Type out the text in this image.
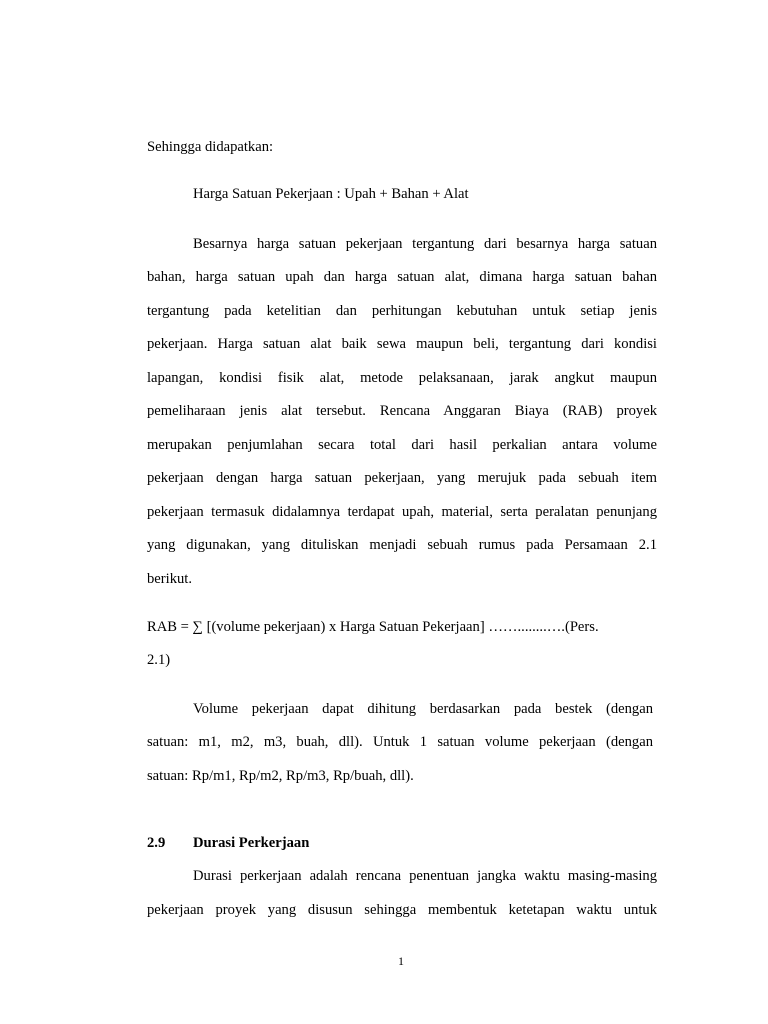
Sehingga didapatkan:
Harga Satuan Pekerjaan : Upah + Bahan + Alat
Besarnya harga satuan pekerjaan tergantung dari besarnya harga satuan
bahan, harga satuan upah dan harga satuan alat, dimana harga satuan bahan
tergantung pada ketelitian dan perhitungan kebutuhan untuk setiap jenis
pekerjaan. Harga satuan alat baik sewa maupun beli, tergantung dari kondisi
lapangan, kondisi fisik alat, metode pelaksanaan, jarak angkut maupun
pemeliharaan jenis alat tersebut. Rencana Anggaran Biaya (RAB) proyek
merupakan penjumlahan secara total dari hasil perkalian antara volume
pekerjaan dengan harga satuan pekerjaan, yang merujuk pada sebuah item
pekerjaan termasuk didalamnya terdapat upah, material, serta peralatan penunjang
yang digunakan, yang dituliskan menjadi sebuah rumus pada Persamaan 2.1
berikut.
RAB = ∑ [(volume pekerjaan) x Harga Satuan Pekerjaan] ……........….(Pers.
2.1)
Volume pekerjaan dapat dihitung berdasarkan pada bestek (dengan
satuan: m1, m2, m3, buah, dll). Untuk 1 satuan volume pekerjaan (dengan
satuan: Rp/m1, Rp/m2, Rp/m3, Rp/buah, dll).
2.9 Durasi Perkerjaan
Durasi perkerjaan adalah rencana penentuan jangka waktu masing-masing
pekerjaan proyek yang disusun sehingga membentuk ketetapan waktu untuk
1
